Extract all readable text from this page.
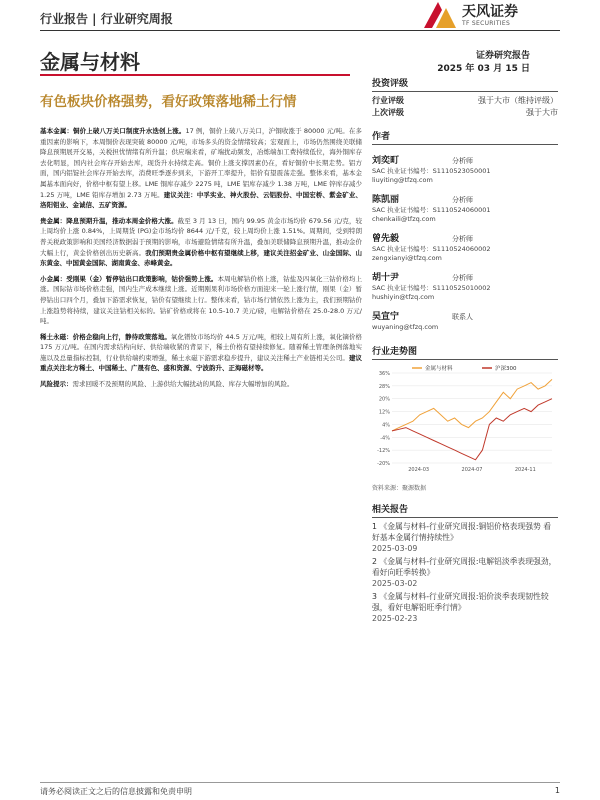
行业报告 | 行业研究周报	天风证券
TF SECURITIES
金属与材料	证券研究报告
2025 年 03 月 15 日
有色板块价格强势，看好政策落地稀土行情

基本金属：铜价上破八万关口制度升水迭创上涨。17 例，铜价上破八万关口，沪铜收涨于 80000 元/吨。在多重因素的影响下，本周铜价表现突破 80000 元/吨，市场多头的资金情绪较高；宏观面上，市场仍然围绕美联储降息预期展开交易，关税担忧情绪有所升温；供应端来看，矿端扰动频发，冶炼端加工费持续低位，海外铜库存去化明显，国内社会库存开始去库，现货升水持续走高。铜价上涨支撑因素仍在，看好铜价中长期走势。铝方面，国内铝锭社会库存开始去库，消费旺季逐步到来，下游开工率提升，铝价有望震荡走强。整体来看，基本金属基本面向好，价格中枢有望上移。LME 铜库存减少 2275 吨，LME 铝库存减少 1.38 万吨，LME 锌库存减少 1.25 万吨，LME 铅库存增加 2.73 万吨。建议关注：中孚实业、神火股份、云铝股份、中国宏桥、紫金矿业、洛阳钼业、金诚信、五矿资源。

贵金属：降息预期升温，推动本周金价格大涨。截至 3 月 13 日，国内 99.95 黄金市场均价 679.56 元/克，较上周均价上涨 0.84%，上周期货 (PG)金市场均价 8644 元/千克，较上周均价上涨 1.51%。周期间，受到特朗普关税政策影响和美国经济数据弱于预期的影响，市场避险情绪有所升温，叠加美联储降息预期升温，推动金价大幅上行，黄金价格创出历史新高。我们预期贵金属价格中枢有望继续上移，建议关注招金矿业、山金国际、山东黄金、中国黄金国际、湖南黄金、赤峰黄金。

小金属：受刚果（金）暂停钴出口政策影响，钴价强势上涨。本周电解钴价格上涨，钴盐及四氧化三钴价格均上涨。国际钴市场价格走强，国内生产成本继续上涨。近期刚果利市场价格方面迎来一轮上涨行情，刚果（金）暂停钴出口四个月，叠加下游需求恢复，钴价有望继续上行。整体来看，钴市场行情依然上涨为主，我们预期钴价上涨趋势将持续，建议关注钴相关标的。钴矿价格或将在 10.5-10.7 美元/磅，电解钴价格在 25.0-28.0 万元/吨。

稀土永磁：价格企稳向上行，静待政策落地。氧化镨钕市场均价 44.5 万元/吨，相较上周有所上涨，氧化镝价格 175 万元/吨。在国内需求结构向好、供给端收紧的背景下，稀土价格有望持续修复。随着稀土管理条例落地实施以及总量指标控制，行业供给端约束增强，稀土永磁下游需求稳步提升，建议关注稀土产业链相关公司。建议重点关注北方稀土、中国稀土、广晟有色、盛和资源、宁波韵升、正海磁材等。

风险提示：需求回暖不及预期的风险、上游供给大幅扰动的风险、库存大幅增加的风险。

投资评级
行业评级	强于大市（维持评级）
上次评级	强于大市
作者
刘奕町	分析师
SAC 执业证书编号：S1110523050001
liuyiting@tfzq.com
陈凯丽	分析师
SAC 执业证书编号：S1110524060001
chenkaili@tfzq.com
曾先毅	分析师
SAC 执业证书编号：S1110524060002
zengxianyi@tfzq.com
胡十尹	分析师
SAC 执业证书编号：S1110525010002
hushiyin@tfzq.com
吴宣宁	联系人
wuyaning@tfzq.com
行业走势图
36%
28%
20%
12%
4%
-4%
-12%
-20%
2024-03	2024-07	2024-11
金属与材料	沪深300
资料来源：聚源数据
相关报告
1 《金属与材料-行业研究周报:铜铝价格表现强势 看好基本金属行情持续性》
2025-03-09
2 《金属与材料-行业研究周报:电解铝淡季表现强劲，看好向旺季转换》
2025-03-02
3 《金属与材料-行业研究周报:铝价淡季表现韧性较强，看好电解铝旺季行情》
2025-02-23
请务必阅读正文之后的信息披露和免责申明	1
